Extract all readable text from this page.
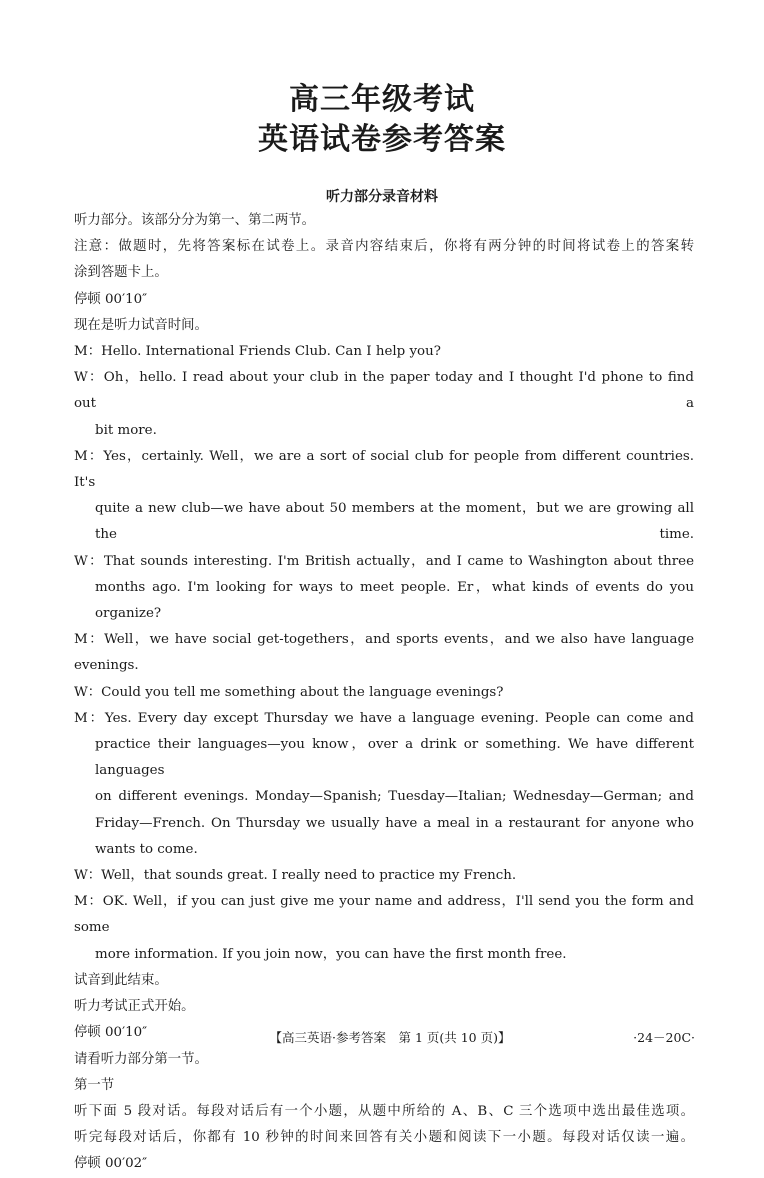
高三年级考试
英语试卷参考答案
听力部分录音材料

听力部分。该部分分为第一、第二两节。

注意：做题时，先将答案标在试卷上。录音内容结束后，你将有两分钟的时间将试卷上的答案转

涂到答题卡上。

停顿 00′10″

现在是听力试音时间。

M：Hello. International Friends Club. Can I help you?

W：Oh，hello. I read about your club in the paper today and I thought I'd phone to find out a

bit more.

M：Yes，certainly. Well，we are a sort of social club for people from different countries. It's

quite a new club—we have about 50 members at the moment，but we are growing all the time.

W：That sounds interesting. I'm British actually，and I came to Washington about three

months ago. I'm looking for ways to meet people. Er，what kinds of events do you organize?

M：Well，we have social get-togethers，and sports events，and we also have language evenings.

W：Could you tell me something about the language evenings?

M：Yes. Every day except Thursday we have a language evening. People can come and

practice their languages—you know，over a drink or something. We have different languages

on different evenings. Monday—Spanish; Tuesday—Italian; Wednesday—German; and

Friday—French. On Thursday we usually have a meal in a restaurant for anyone who

wants to come.

W：Well，that sounds great. I really need to practice my French.

M：OK. Well，if you can just give me your name and address，I'll send you the form and some

more information. If you join now，you can have the first month free.

试音到此结束。

听力考试正式开始。

停顿 00′10″

请看听力部分第一节。

第一节

听下面 5 段对话。每段对话后有一个小题，从题中所给的 A、B、C 三个选项中选出最佳选项。

听完每段对话后，你都有 10 秒钟的时间来回答有关小题和阅读下一小题。每段对话仅读一遍。

停顿 00′02″

【高三英语·参考答案　第 1 页(共 10 页)】	·24－20C·
